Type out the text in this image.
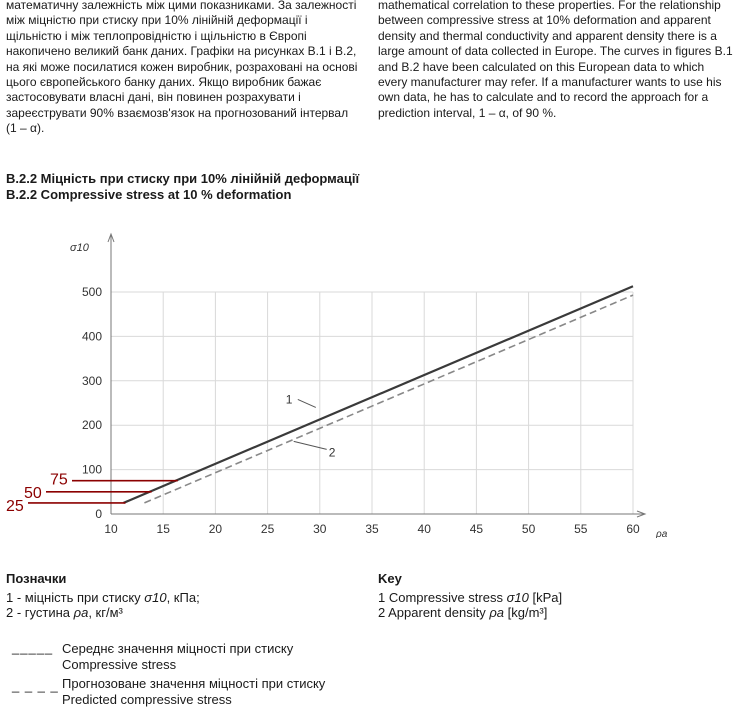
математичну залежність між цими показниками. За залежності між міцністю при стиску при 10% лінійній деформації і щільністю і між теплопровідністю і щільністю в Європі накопичено великий банк даних. Графіки на рисунках В.1 і В.2, на які може посилатися кожен виробник, розраховані на основі цього європейського банку даних. Якщо виробник бажає застосовувати власні дані, він повинен розрахувати і зареєструвати 90% взаємозв'язок на прогнозований інтервал (1 – α).
mathematical correlation to these properties. For the relationship between compressive stress at 10% deformation and apparent density and thermal conductivity and apparent density there is a large amount of data collected in Europe. The curves in figures B.1 and B.2 have been calculated on this European data to which every manufacturer may refer. If a manufacturer wants to use his own data, he has to calculate and to record the approach for a prediction interval, 1 – α, of 90 %.
В.2.2 Міцність при стиску при 10% лінійній деформації
B.2.2 Compressive stress at 10 % deformation
10	15	20	25	30	35	40	45	50	55	60
0
100
200
300
400
500
σ10
ρa
1
2
25
50
75
Позначки
1 - міцність при стиску σ10, кПа;
2 - густина ρa, кг/м³
Key
1 Compressive stress σ10 [kPa]
2 Apparent density ρa [kg/m³]
_____ Середнє значення міцності при стиску
Compressive stress
_ _ _ _ Прогнозоване значення міцності при стиску
Predicted compressive stress
